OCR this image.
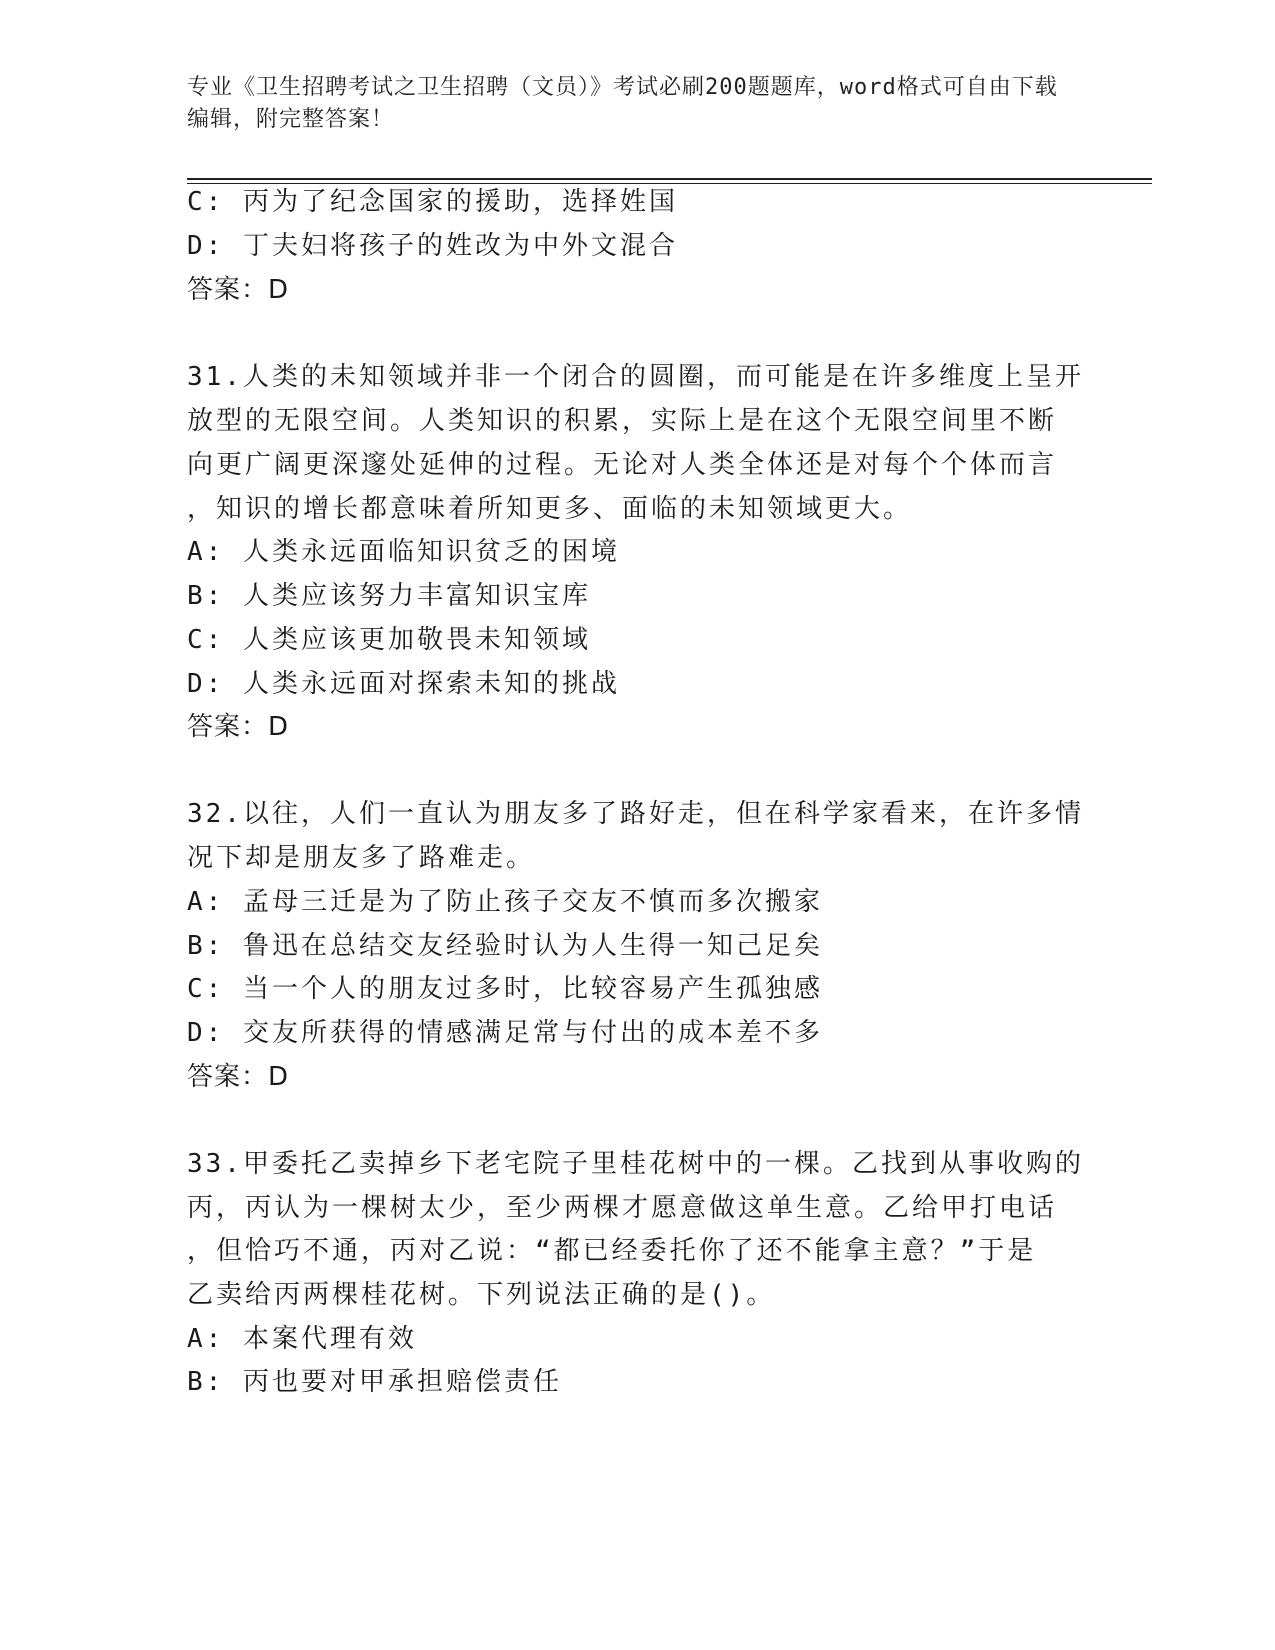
专业《卫生招聘考试之卫生招聘（文员）》考试必刷200题题库，word格式可自由下载编辑，附完整答案！
C: 丙为了纪念国家的援助，选择姓国
D: 丁夫妇将孩子的姓改为中外文混合
答案：D
31.人类的未知领域并非一个闭合的圆圈，而可能是在许多维度上呈开
放型的无限空间。人类知识的积累，实际上是在这个无限空间里不断
向更广阔更深邃处延伸的过程。无论对人类全体还是对每个个体而言
，知识的增长都意味着所知更多、面临的未知领域更大。
A: 人类永远面临知识贫乏的困境
B: 人类应该努力丰富知识宝库
C: 人类应该更加敬畏未知领域
D: 人类永远面对探索未知的挑战
答案：D
32.以往，人们一直认为朋友多了路好走，但在科学家看来，在许多情
况下却是朋友多了路难走。
A: 孟母三迁是为了防止孩子交友不慎而多次搬家
B: 鲁迅在总结交友经验时认为人生得一知己足矣
C: 当一个人的朋友过多时，比较容易产生孤独感
D: 交友所获得的情感满足常与付出的成本差不多
答案：D
33.甲委托乙卖掉乡下老宅院子里桂花树中的一棵。乙找到从事收购的
丙，丙认为一棵树太少，至少两棵才愿意做这单生意。乙给甲打电话
，但恰巧不通，丙对乙说：“都已经委托你了还不能拿主意？”于是
乙卖给丙两棵桂花树。下列说法正确的是()。
A: 本案代理有效
B: 丙也要对甲承担赔偿责任
